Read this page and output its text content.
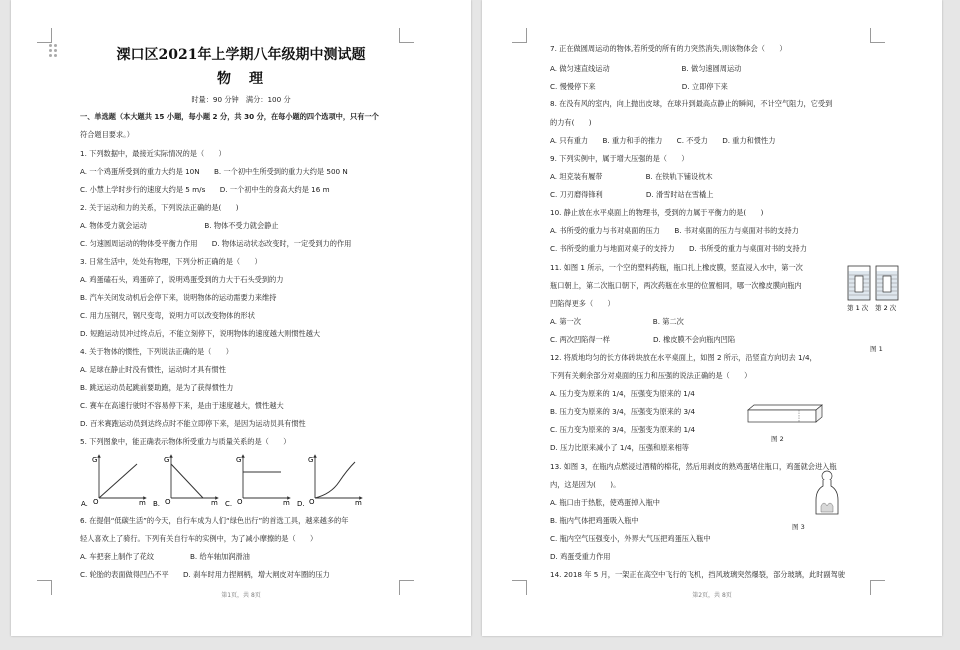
溧口区2021年上学期八年级期中测试题
物　理
时量：90 分钟　满分：100 分
一、单选题（本大题共 15 小题，每小题 2 分，共 30 分，在每小题的四个选项中，只有一个
符合题目要求。）
1. 下列数据中，最接近实际情况的是（　　）
A. 一个鸡蛋所受到的重力大约是 10N　　B. 一个初中生所受到的重力大约是 500 N
C. 小慧上学时步行的速度大约是 5 m/s　　D. 一个初中生的身高大约是 16 m
2. 关于运动和力的关系，下列说法正确的是(　　)
A. 物体受力就会运动　　　　　　　　B. 物体不受力就会静止
C. 匀速圆周运动的物体受平衡力作用　　D. 物体运动状态改变时，一定受到力的作用
3. 日常生活中，处处有物理，下列分析正确的是（　　）
A. 鸡蛋磕石头，鸡蛋碎了，说明鸡蛋受到的力大于石头受到的力
B. 汽车关闭发动机后会停下来，说明物体的运动需要力来维持
C. 用力压钢尺，钢尺变弯，说明力可以改变物体的形状
D. 短跑运动员冲过终点后，不能立刻停下，说明物体的速度越大则惯性越大
4. 关于物体的惯性，下列说法正确的是（　　）
A. 足球在静止时没有惯性，运动时才具有惯性
B. 跳远运动员起跳前要助跑，是为了获得惯性力
C. 赛车在高速行驶时不容易停下来，是由于速度越大，惯性越大
D. 百米赛跑运动员到达终点时不能立即停下来，是因为运动员具有惯性
5. 下列图象中，能正确表示物体所受重力与质量关系的是（　　）
6. 在提倡“低碳生活”的今天，自行车成为人们“绿色出行”的首选工具，越来越多的年
轻人喜欢上了骑行。下列有关自行车的实例中，为了减小摩擦的是（　　）
A. 车把套上制作了花纹　　　　　B. 给车轴加润滑油
C. 轮胎的表面做得凹凸不平　　D. 刹车时用力捏闸柄，增大闸皮对车圈的压力
G
O	m
A.
G
O	m
B.
G
O	m
C.
G
O	m
D.
第1页，共 8页
7. 正在做圆周运动的物体,若所受的所有的力突然消失,则该物体会（　　）
A. 做匀速直线运动　　　　　　　　　　B. 做匀速圆周运动
C. 慢慢停下来　　　　　　　　　　　　D. 立即停下来
8. 在没有风的室内，向上抛出皮球，在球升到最高点静止的瞬间，不计空气阻力，它受到
的力有(　　)
A. 只有重力　　B. 重力和手的推力　　C. 不受力　　D. 重力和惯性力
9. 下列实例中，属于增大压强的是（　　）
A. 坦克装有履带　　　　　　B. 在铁轨下铺设枕木
C. 刀刃磨得锋利　　　　　　D. 滑雪时站在雪橇上
10. 静止放在水平桌面上的物理书，受到的力属于平衡力的是(　　)
A. 书所受的重力与书对桌面的压力　　B. 书对桌面的压力与桌面对书的支持力
C. 书所受的重力与地面对桌子的支持力　　D. 书所受的重力与桌面对书的支持力
11. 如图 1 所示，一个空的塑料药瓶，瓶口扎上橡皮膜，竖直浸入水中，第一次
瓶口朝上，第二次瓶口朝下，两次药瓶在水里的位置相同，哪一次橡皮膜向瓶内
凹陷得更多（　　）
A. 第一次　　　　　　　　　　B. 第二次
C. 两次凹陷得一样　　　　　　D. 橡皮膜不会向瓶内凹陷
12. 将质地均匀的长方体砖块放在水平桌面上，如图 2 所示，沿竖直方向切去 1/4，
下列有关剩余部分对桌面的压力和压强的说法正确的是（　　）
A. 压力变为原来的 1/4，压强变为原来的 1/4
B. 压力变为原来的 3/4，压强变为原来的 3/4
C. 压力变为原来的 3/4，压强变为原来的 1/4
D. 压力比原来减小了 1/4，压强和原来相等
13. 如图 3，在瓶内点燃浸过酒精的棉花，然后用剥皮的熟鸡蛋堵住瓶口，鸡蛋就会进入瓶
内，这是因为(　　)。
A. 瓶口由于热胀，使鸡蛋掉入瓶中
B. 瓶内气体把鸡蛋吸入瓶中
C. 瓶内空气压强变小，外界大气压把鸡蛋压入瓶中
D. 鸡蛋受重力作用
14. 2018 年 5 月，一架正在高空中飞行的飞机，挡风玻璃突然爆裂，部分玻璃，此时副驾驶
第 1 次 第 2 次
图 1
图 2
图 3
第2页，共 8页
